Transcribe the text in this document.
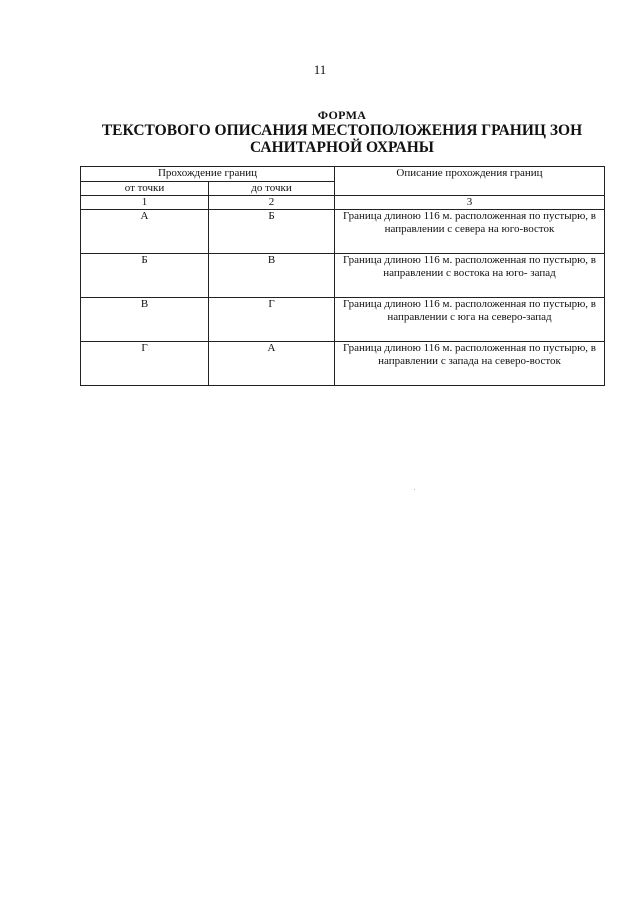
11
ФОРМА
ТЕКСТОВОГО ОПИСАНИЯ МЕСТОПОЛОЖЕНИЯ ГРАНИЦ ЗОН
САНИТАРНОЙ ОХРАНЫ
Прохождение границ		Описание прохождения границ
от точки	до точки	
1	2	3
А	Б	Граница длиною 116 м. расположенная по пустырю, в направлении с севера на юго-восток
Б	В	Граница длиною 116 м. расположенная по пустырю, в направлении с востока на юго- запад
В	Г	Граница длиною 116 м. расположенная по пустырю, в направлении с юга на северо-запад
Г	А	Граница длиною 116 м. расположенная по пустырю, в направлении с запада на северо-восток
